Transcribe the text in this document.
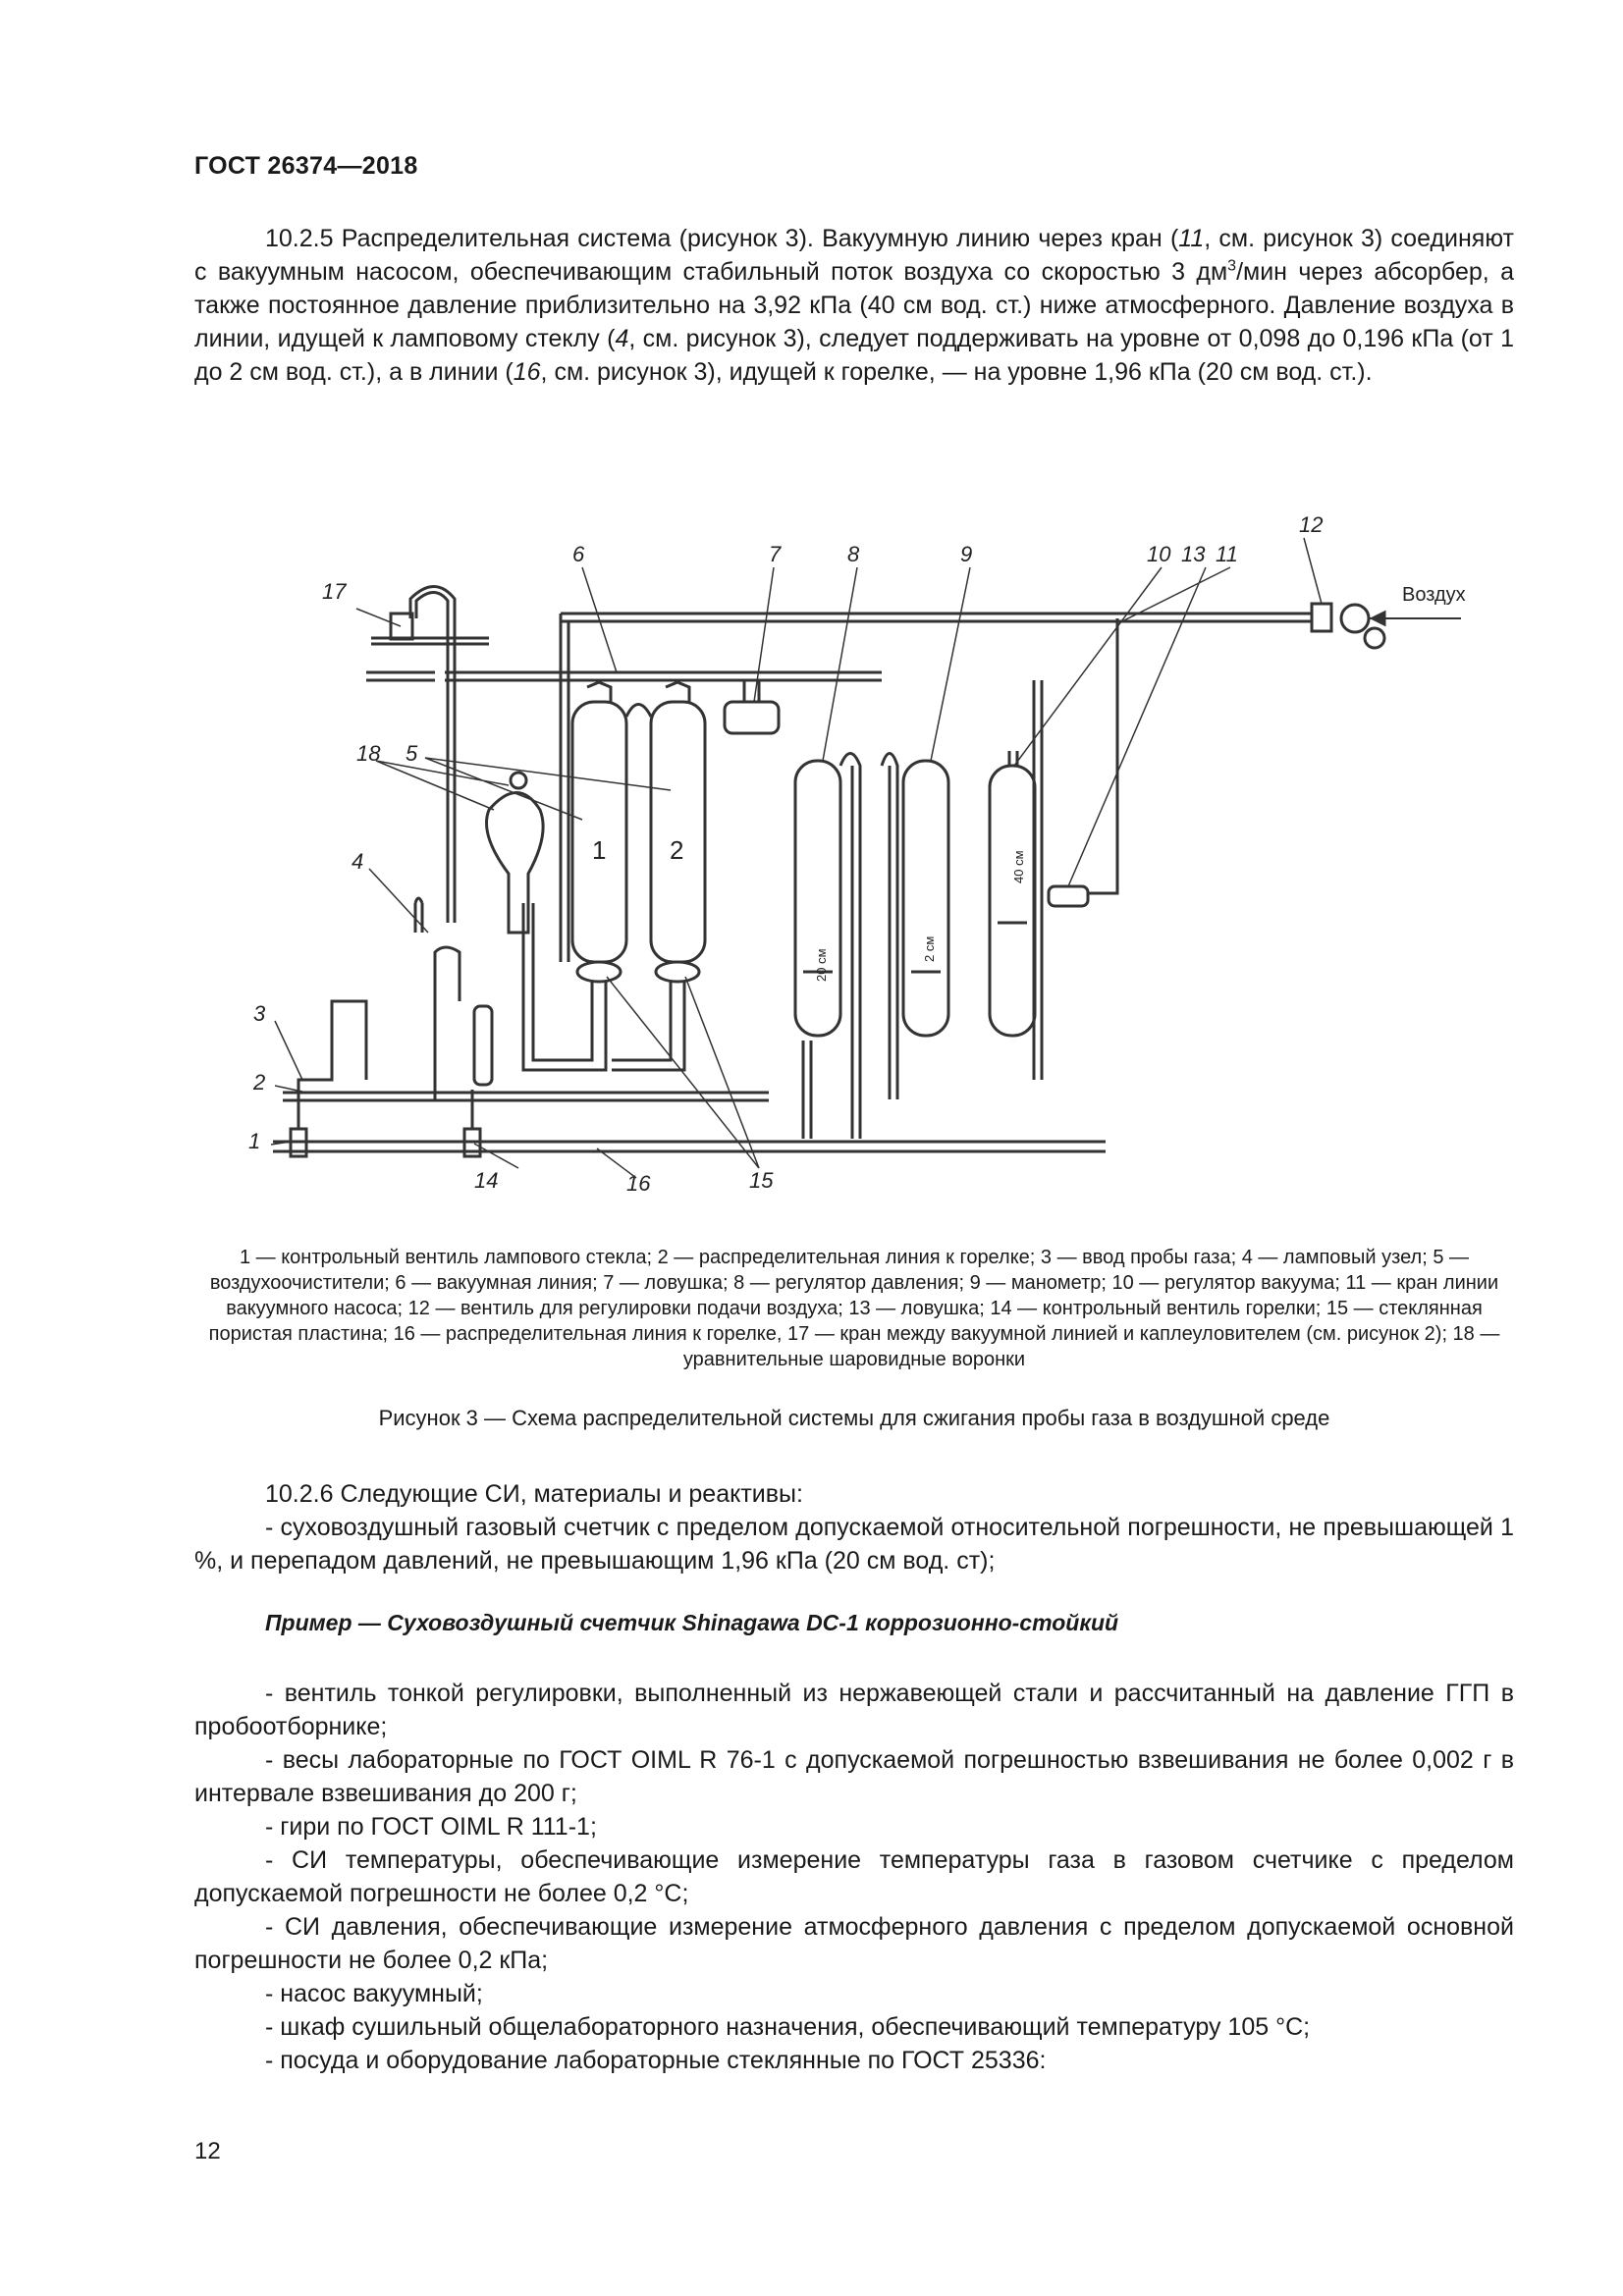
ГОСТ 26374—2018

10.2.5 Распределительная система (рисунок 3). Вакуумную линию через кран (11, см. рисунок 3) соединяют с вакуумным насосом, обеспечивающим стабильный поток воздуха со скоростью 3 $дм^3$/мин через абсорбер, а также постоянное давление приблизительно на 3,92 кПа (40 см вод. ст.) ниже атмосферного. Давление воздуха в линии, идущей к ламповому стеклу (4, см. рисунок 3), следует поддерживать на уровне от 0,098 до 0,196 кПа (от 1 до 2 см вод. ст.), а в линии (16, см. рисунок 3), идущей к горелке, — на уровне 1,96 кПа (20 см вод. ст.).

1
2
3
4
5
6	7	8	9	10 11
12
13
14	15
16
17
18
1 2
20 см	2 см
40 см
Воздух

1 — контрольный вентиль лампового стекла; 2 — распределительная линия к горелке; 3 — ввод пробы газа; 4 — ламповый узел; 5 — воздухоочистители; 6 — вакуумная линия; 7 — ловушка; 8 — регулятор давления; 9 — манометр; 10 — регулятор вакуума; 11 — кран линии вакуумного насоса; 12 — вентиль для регулировки подачи воздуха; 13 — ловушка; 14 — контрольный вентиль горелки; 15 — стеклянная пористая пластина; 16 — распределительная линия к горелке, 17 — кран между вакуумной линией и каплеуловителем (см. рисунок 2); 18 — уравнительные шаровидные воронки

Рисунок 3 — Схема распределительной системы для сжигания пробы газа в воздушной среде

10.2.6 Следующие СИ, материалы и реактивы:

- суховоздушный газовый счетчик с пределом допускаемой относительной погрешности, не превышающей 1 %, и перепадом давлений, не превышающим 1,96 кПа (20 см вод. ст);

Пример — Суховоздушный счетчик Shinagawa DC-1 коррозионно-стойкий

- вентиль тонкой регулировки, выполненный из нержавеющей стали и рассчитанный на давление ГГП в пробоотборнике;

- весы лабораторные по ГОСТ OIML R 76-1 с допускаемой погрешностью взвешивания не более 0,002 г в интервале взвешивания до 200 г;

- гири по ГОСТ OIML R 111-1;

- СИ температуры, обеспечивающие измерение температуры газа в газовом счетчике с пределом допускаемой погрешности не более 0,2 °С;

- СИ давления, обеспечивающие измерение атмосферного давления с пределом допускаемой основной погрешности не более 0,2 кПа;

- насос вакуумный;

- шкаф сушильный общелабораторного назначения, обеспечивающий температуру 105 °С;

- посуда и оборудование лабораторные стеклянные по ГОСТ 25336:

12
